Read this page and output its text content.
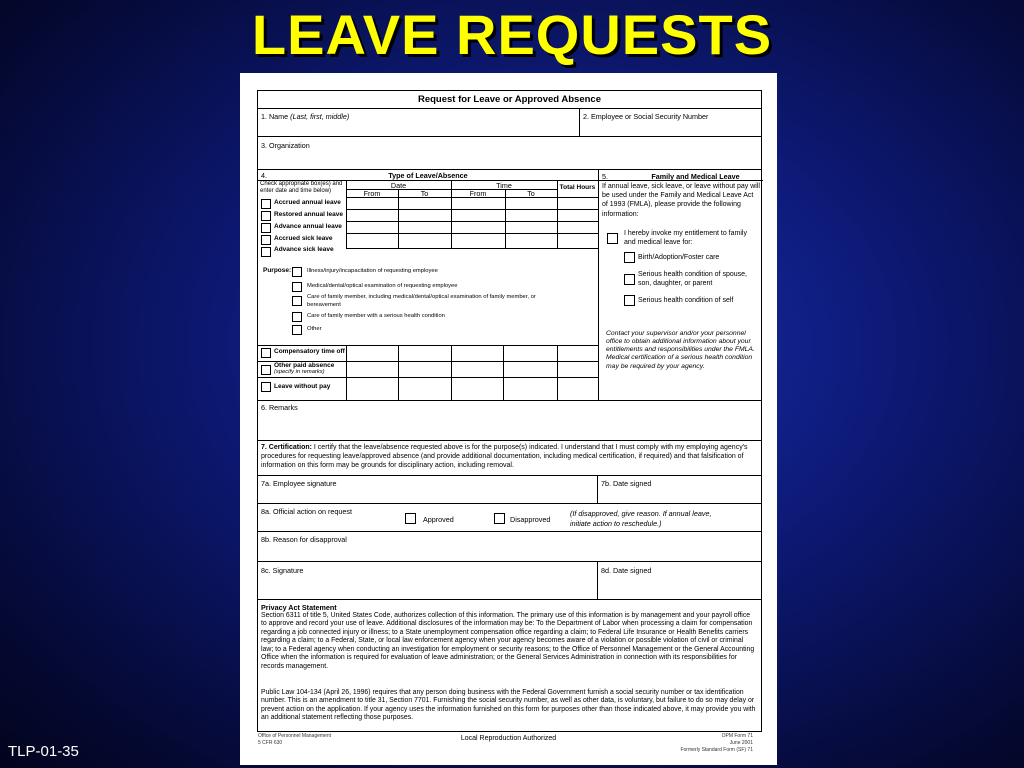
LEAVE REQUESTS
Request for Leave or Approved Absence
1. Name (Last, first, middle)	2. Employee or Social Security Number
3. Organization
4.	Type of Leave/Absence	5.	Family and Medical Leave
Check appropriate box(es) and
enter date and time below)
Date	Time
From	To	From	To
Total Hours
Accrued annual leave
Restored annual leave
Advance annual leave
Accrued sick leave
Advance sick leave
Purpose:	Illness/injury/incapacitation of requesting employee
Medical/dental/optical examination of requesting employee
Care of family member, including medical/dental/optical examination of family member, or
bereavement
Care of family member with a serious health condition
Other
Compensatory time off
Other paid absence
(specify in remarks)
Leave without pay
If annual leave, sick leave, or leave without pay will be used under the Family and Medical Leave Act of 1993 (FMLA), please provide the following information:
I hereby invoke my entitlement to family and medical leave for:
Birth/Adoption/Foster care
Serious health condition of spouse, son, daughter, or parent
Serious health condition of self
Contact your supervisor and/or your personnel office to obtain additional information about your entitlements and responsibilities under the FMLA. Medical certification of a serious health condition may be required by your agency.
6. Remarks
7. Certification: I certify that the leave/absence requested above is for the purpose(s) indicated. I understand that I must comply with my employing agency's procedures for requesting leave/approved absence (and provide additional documentation, including medical certification, if required) and that falsification of information on this form may be grounds for disciplinary action, including removal.
7a. Employee signature	7b. Date signed
8a. Official action on request
Approved	Disapproved
(If disapproved, give reason. If annual leave,
initiate action to reschedule.)
8b. Reason for disapproval
8c. Signature	8d. Date signed
Privacy Act Statement
Section 6311 of title 5, United States Code, authorizes collection of this information. The primary use of this information is by management and your payroll office to approve and record your use of leave. Additional disclosures of the information may be: To the Department of Labor when processing a claim for compensation regarding a job connected injury or illness; to a State unemployment compensation office regarding a claim; to Federal Life Insurance or Health Benefits carriers regarding a claim; to a Federal, State, or local law enforcement agency when your agency becomes aware of a violation or possible violation of civil or criminal law; to a Federal agency when conducting an investigation for employment or security reasons; to the Office of Personnel Management or the General Accounting Office when the information is required for evaluation of leave administration; or the General Services Administration in connection with its responsibilities for records management.
Public Law 104-134 (April 26, 1996) requires that any person doing business with the Federal Government furnish a social security number or tax identification number. This is an amendment to title 31, Section 7701. Furnishing the social security number, as well as other data, is voluntary, but failure to do so may delay or prevent action on the application. If your agency uses the information furnished on this form for purposes other than those indicated above, it may provide you with an additional statement reflecting those purposes.
Office of Personnel Management
5 CFR 630
Local Reproduction Authorized	OPM Form 71
June 2001
Formerly Standard Form (SF) 71
TLP-01-35
